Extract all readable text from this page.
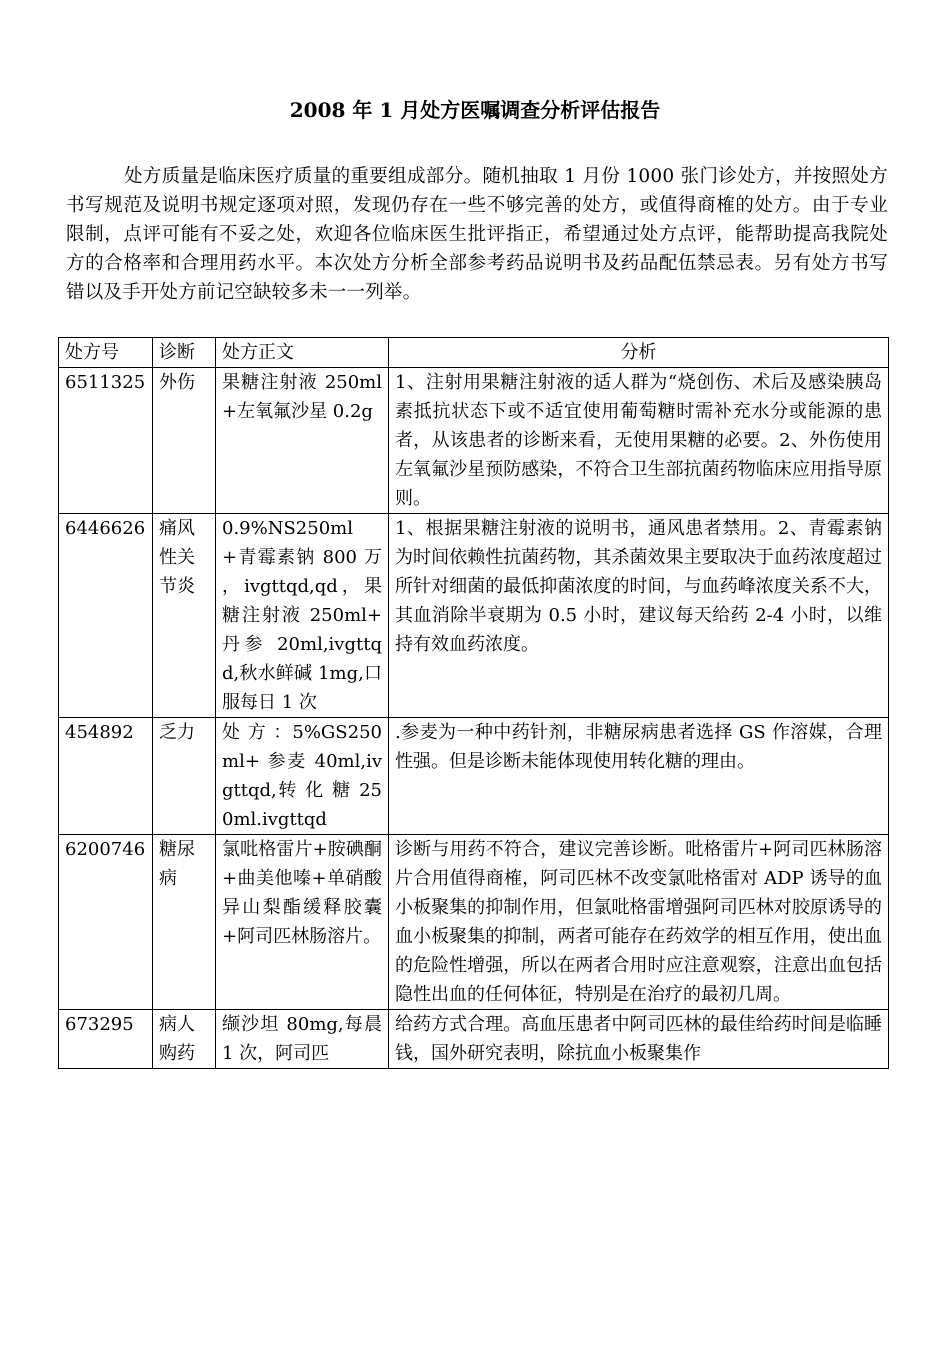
2008 年 1 月处方医嘱调查分析评估报告

处方质量是临床医疗质量的重要组成部分。随机抽取 1 月份 1000 张门诊处方，并按照处方书写规范及说明书规定逐项对照，发现仍存在一些不够完善的处方，或值得商榷的处方。由于专业限制，点评可能有不妥之处，欢迎各位临床医生批评指正，希望通过处方点评，能帮助提高我院处方的合格率和合理用药水平。本次处方分析全部参考药品说明书及药品配伍禁忌表。另有处方书写错以及手开处方前记空缺较多未一一列举。

处方号	诊断	处方正文	分析
6511325	外伤	果糖注射液 250ml+左氧氟沙星 0.2g	1、注射用果糖注射液的适人群为“烧创伤、术后及感染胰岛素抵抗状态下或不适宜使用葡萄糖时需补充水分或能源的患者，从该患者的诊断来看，无使用果糖的必要。2、外伤使用左氧氟沙星预防感染，不符合卫生部抗菌药物临床应用指导原则。
6446626	痛风性关节炎	0.9%NS250ml+青霉素钠 800 万 ，ivgttqd,qd，果糖注射液 250ml+ 丹参 20ml,ivgttqd,秋水鲜碱 1mg,口服每日 1 次	1、根据果糖注射液的说明书，通风患者禁用。2、青霉素钠为时间依赖性抗菌药物，其杀菌效果主要取决于血药浓度超过所针对细菌的最低抑菌浓度的时间，与血药峰浓度关系不大，其血消除半衰期为 0.5 小时，建议每天给药 2-4 小时，以维持有效血药浓度。
454892	乏力	处 方 ：5%GS250ml+ 参麦 40ml,ivgttqd,转 化 糖 250ml.ivgttqd	.参麦为一种中药针剂，非糖尿病患者选择 GS 作溶媒，合理性强。但是诊断未能体现使用转化糖的理由。
6200746	糖尿病	氯吡格雷片+胺碘酮+曲美他嗪+单硝酸异山梨酯缓释胶囊+阿司匹林肠溶片。	诊断与用药不符合，建议完善诊断。吡格雷片+阿司匹林肠溶片合用值得商榷，阿司匹林不改变氯吡格雷对 ADP 诱导的血小板聚集的抑制作用，但氯吡格雷增强阿司匹林对胶原诱导的血小板聚集的抑制，两者可能存在药效学的相互作用，使出血的危险性增强，所以在两者合用时应注意观察，注意出血包括隐性出血的任何体征，特别是在治疗的最初几周。
673295	病人购药	缬沙坦 80mg,每晨 1 次，阿司匹	给药方式合理。高血压患者中阿司匹林的最佳给药时间是临睡钱，国外研究表明，除抗血小板聚集作
